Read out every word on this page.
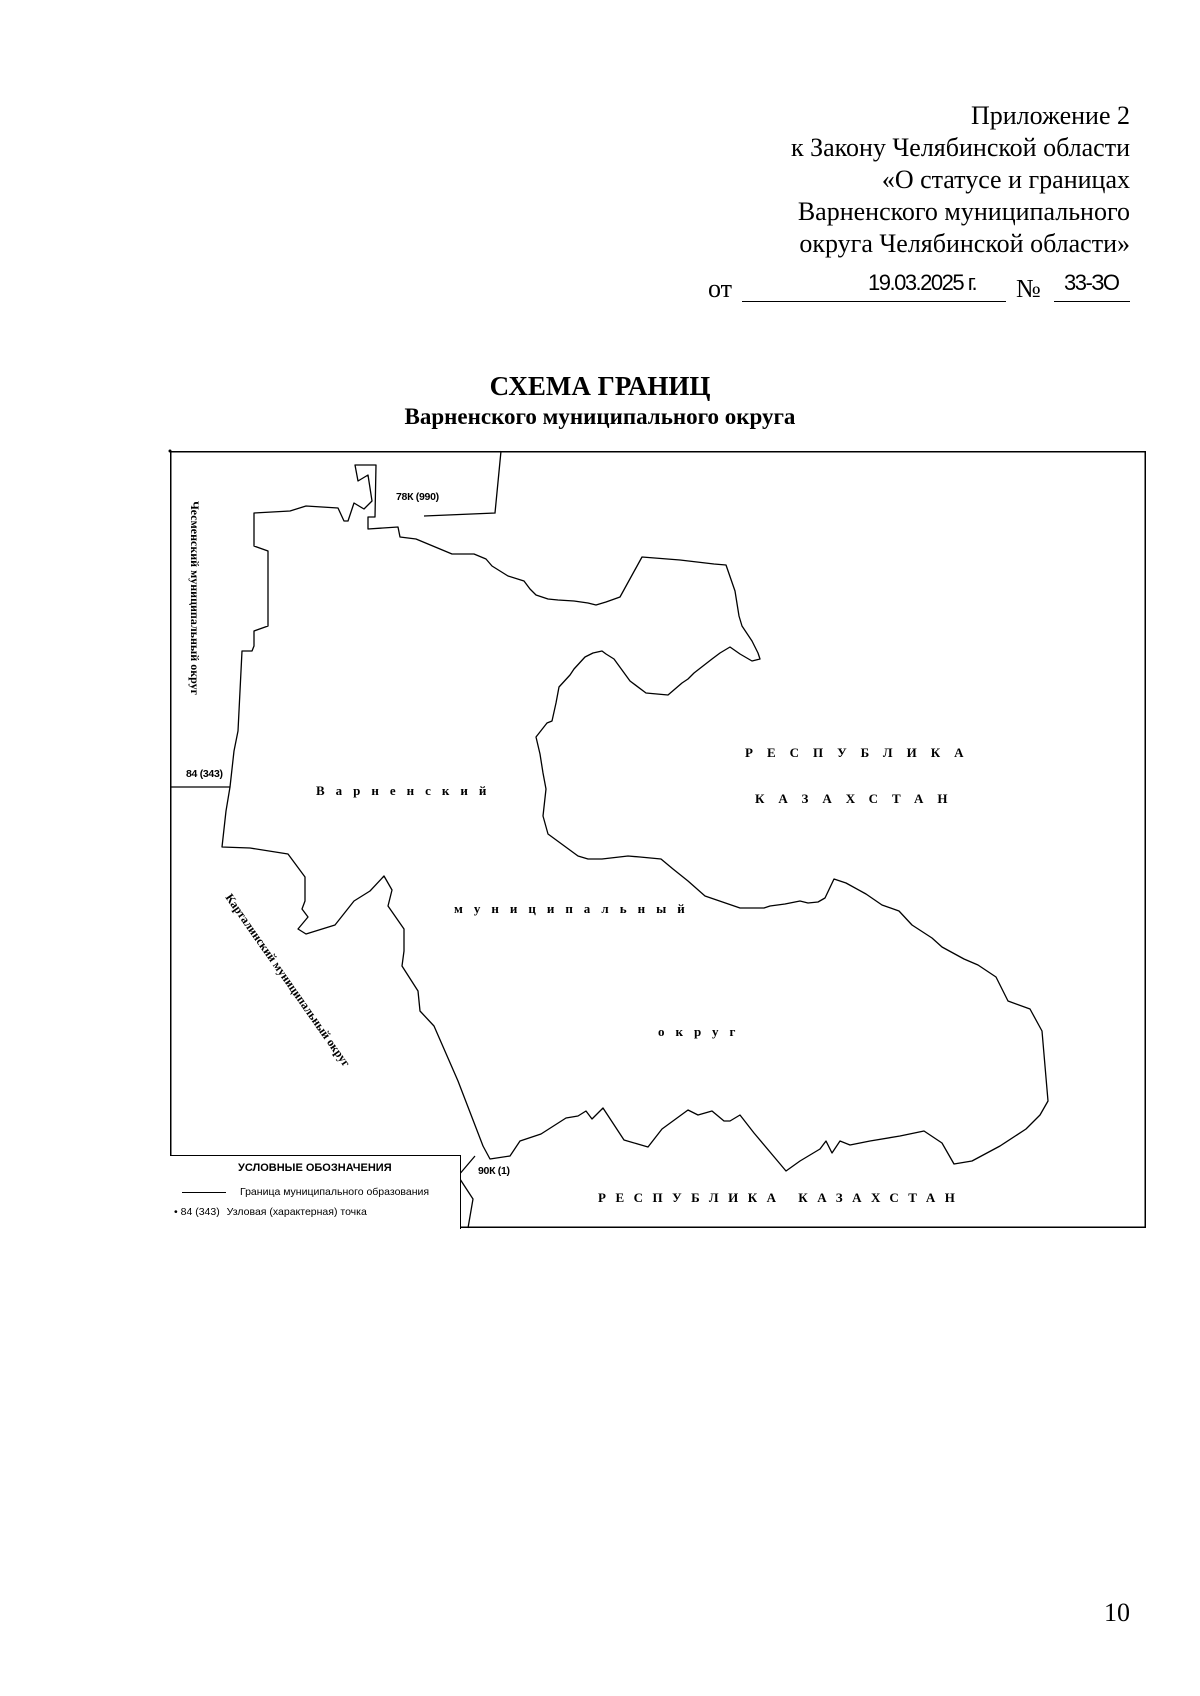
Приложение 2
к Закону Челябинской области
«О статусе и границах
Варненского муниципального
округа Челябинской области»
от	19.03.2025 г. № 33-ЗО
СХЕМА ГРАНИЦ
Варненского муниципального округа
78К (990)
84 (343)
90К (1)
Варненский
муниципальный
округ
РЕСПУБЛИКА
КАЗАХСТАН
РЕСПУБЛИКА КАЗАХСТАН
Чесменский муниципальный округ
Карталинский муниципальный округ
УСЛОВНЫЕ ОБОЗНАЧЕНИЯ
Граница муниципального образования
• 84 (343) Узловая (характерная) точка
10
